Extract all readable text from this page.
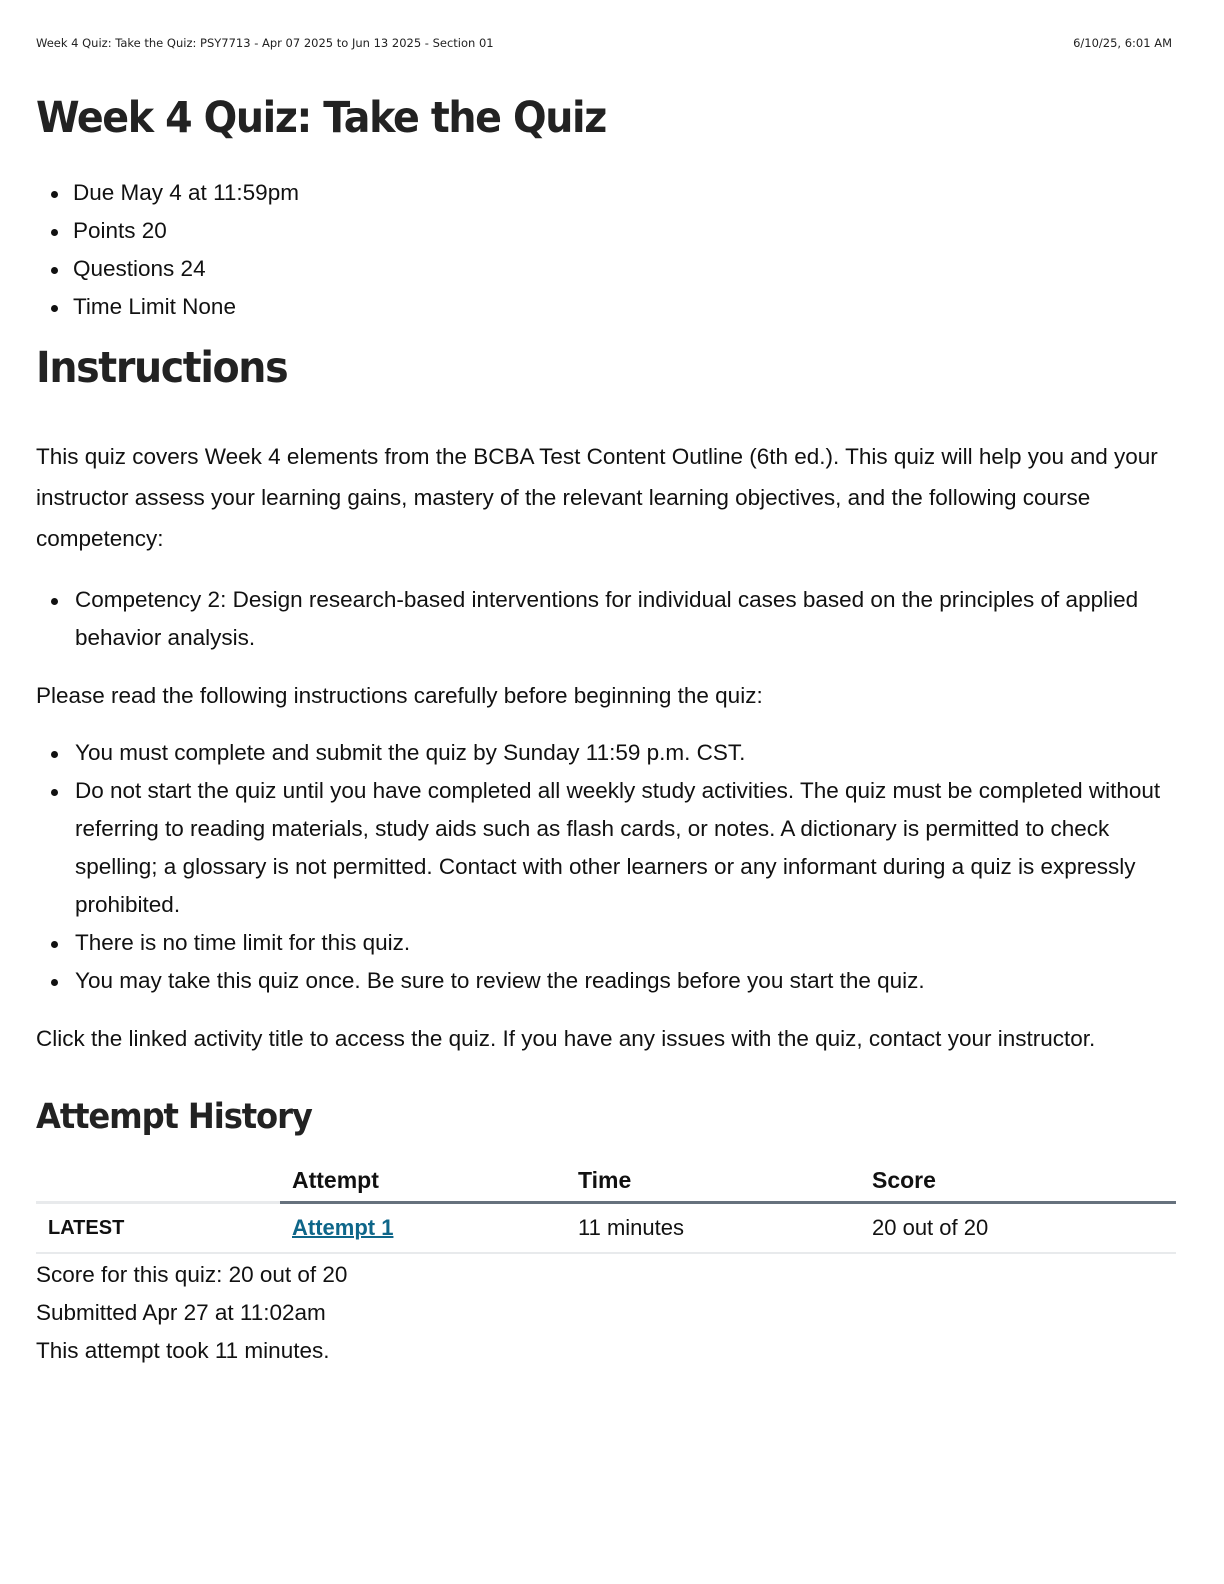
Week 4 Quiz: Take the Quiz: PSY7713 - Apr 07 2025 to Jun 13 2025 - Section 01	6/10/25, 6:01 AM
Week 4 Quiz: Take the Quiz
Due May 4 at 11:59pm
Points 20
Questions 24
Time Limit None
Instructions

This quiz covers Week 4 elements from the BCBA Test Content Outline (6th ed.). This quiz will help you and your instructor assess your learning gains, mastery of the relevant learning objectives, and the following course competency:

Competency 2: Design research-based interventions for individual cases based on the principles of applied behavior analysis.

Please read the following instructions carefully before beginning the quiz:

You must complete and submit the quiz by Sunday 11:59 p.m. CST.
Do not start the quiz until you have completed all weekly study activities. The quiz must be completed without referring to reading materials, study aids such as flash cards, or notes. A dictionary is permitted to check spelling; a glossary is not permitted. Contact with other learners or any informant during a quiz is expressly prohibited.
There is no time limit for this quiz.
You may take this quiz once. Be sure to review the readings before you start the quiz.

Click the linked activity title to access the quiz. If you have any issues with the quiz, contact your instructor.

Attempt History
	Attempt	Time	Score
LATEST	Attempt 1	11 minutes	20 out of 20

Score for this quiz: 20 out of 20

Submitted Apr 27 at 11:02am

This attempt took 11 minutes.
